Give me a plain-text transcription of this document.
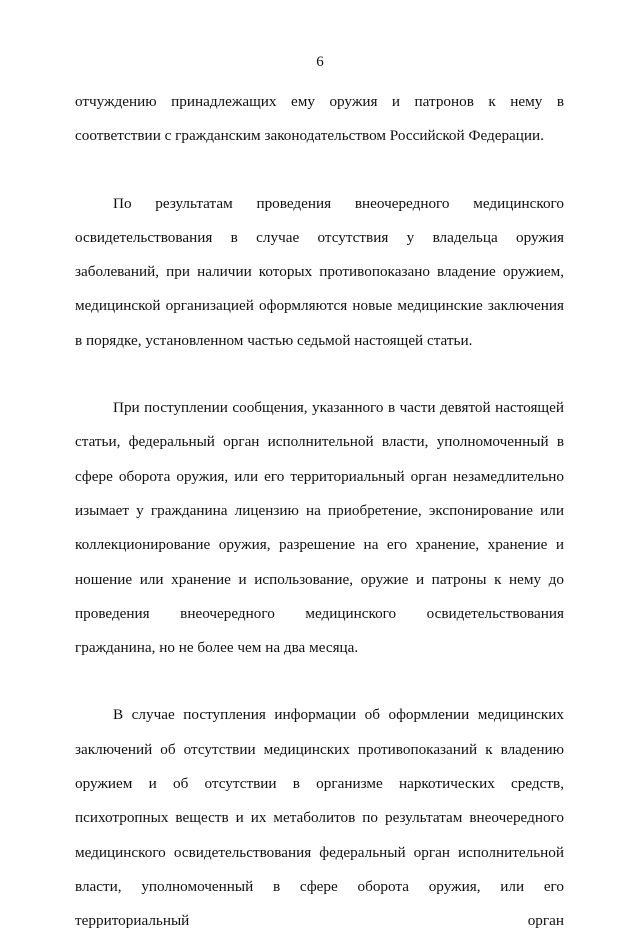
6

отчуждению принадлежащих ему оружия и патронов к нему в соответствии с гражданским законодательством Российской Федерации.

По результатам проведения внеочередного медицинского освидетельствования в случае отсутствия у владельца оружия заболеваний, при наличии которых противопоказано владение оружием, медицинской организацией оформляются новые медицинские заключения в порядке, установленном частью седьмой настоящей статьи.

При поступлении сообщения, указанного в части девятой настоящей статьи, федеральный орган исполнительной власти, уполномоченный в сфере оборота оружия, или его территориальный орган незамедлительно изымает у гражданина лицензию на приобретение, экспонирование или коллекционирование оружия, разрешение на его хранение, хранение и ношение или хранение и использование, оружие и патроны к нему до проведения внеочередного медицинского освидетельствования гражданина, но не более чем на два месяца.

В случае поступления информации об оформлении медицинских заключений об отсутствии медицинских противопоказаний к владению оружием и об отсутствии в организме наркотических средств, психотропных веществ и их метаболитов по результатам внеочередного медицинского освидетельствования федеральный орган исполнительной власти, уполномоченный в сфере оборота оружия, или его территориальный орган
